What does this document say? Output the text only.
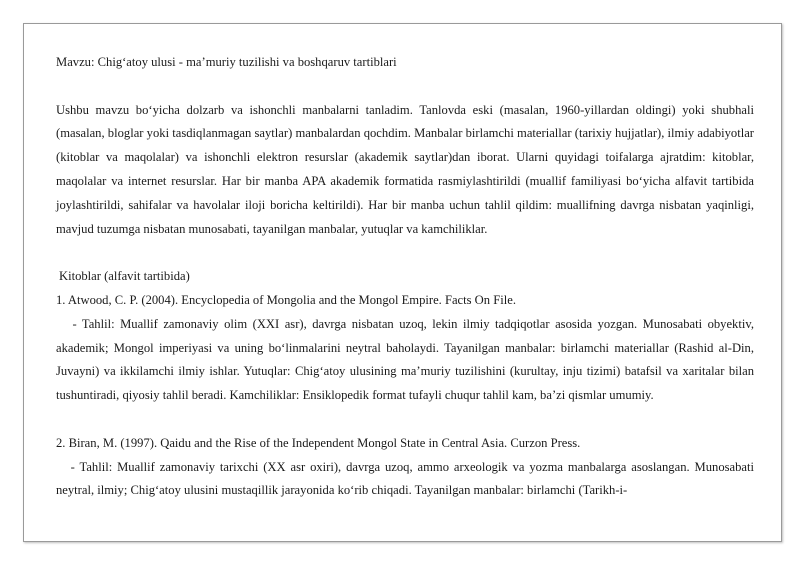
Mavzu: Chig‘atoy ulusi - ma’muriy tuzilishi va boshqaruv tartiblari

Ushbu mavzu bo‘yicha dolzarb va ishonchli manbalarni tanladim. Tanlovda eski (masalan, 1960-yillardan oldingi) yoki shubhali (masalan, bloglar yoki tasdiqlanmagan saytlar) manbalardan qochdim. Manbalar birlamchi materiallar (tarixiy hujjatlar), ilmiy adabiyotlar (kitoblar va maqolalar) va ishonchli elektron resurslar (akademik saytlar)dan iborat. Ularni quyidagi toifalarga ajratdim: kitoblar, maqolalar va internet resurslar. Har bir manba APA akademik formatida rasmiylashtirildi (muallif familiyasi bo‘yicha alfavit tartibida joylashtirildi, sahifalar va havolalar iloji boricha keltirildi). Har bir manba uchun tahlil qildim: muallifning davrga nisbatan yaqinligi, mavjud tuzumga nisbatan munosabati, tayanilgan manbalar, yutuqlar va kamchiliklar.

Kitoblar (alfavit tartibida)

1. Atwood, C. P. (2004). Encyclopedia of Mongolia and the Mongol Empire. Facts On File.

- Tahlil: Muallif zamonaviy olim (XXI asr), davrga nisbatan uzoq, lekin ilmiy tadqiqotlar asosida yozgan. Munosabati obyektiv, akademik; Mongol imperiyasi va uning bo‘linmalarini neytral baholaydi. Tayanilgan manbalar: birlamchi materiallar (Rashid al-Din, Juvayni) va ikkilamchi ilmiy ishlar. Yutuqlar: Chig‘atoy ulusining ma’muriy tuzilishini (kurultay, inju tizimi) batafsil va xaritalar bilan tushuntiradi, qiyosiy tahlil beradi. Kamchiliklar: Ensiklopedik format tufayli chuqur tahlil kam, ba’zi qismlar umumiy.

2. Biran, M. (1997). Qaidu and the Rise of the Independent Mongol State in Central Asia. Curzon Press.

- Tahlil: Muallif zamonaviy tarixchi (XX asr oxiri), davrga uzoq, ammo arxeologik va yozma manbalarga asoslangan. Munosabati neytral, ilmiy; Chig‘atoy ulusini mustaqillik jarayonida ko‘rib chiqadi. Tayanilgan manbalar: birlamchi (Tarikh-i-
